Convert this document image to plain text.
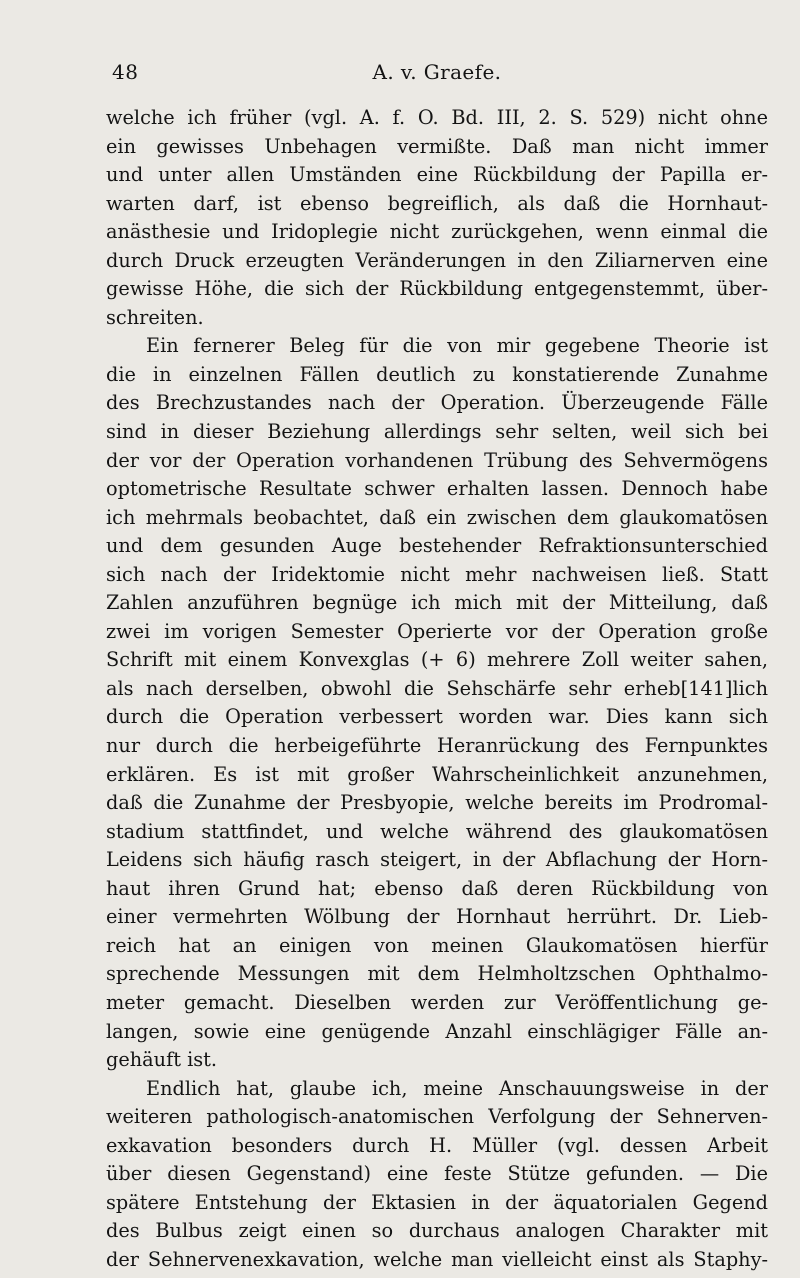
48	A. v. Graefe.
welche ich früher (vgl. A. f. O. Bd. III, 2. S. 529) nicht ohne
ein gewisses Unbehagen vermißte. Daß man nicht immer
und unter allen Umständen eine Rückbildung der Papilla er-
warten darf, ist ebenso begreiflich, als daß die Hornhaut-
anästhesie und Iridoplegie nicht zurückgehen, wenn einmal die
durch Druck erzeugten Veränderungen in den Ziliarnerven eine
gewisse Höhe, die sich der Rückbildung entgegenstemmt, über-
schreiten.
Ein fernerer Beleg für die von mir gegebene Theorie ist
die in einzelnen Fällen deutlich zu konstatierende Zunahme
des Brechzustandes nach der Operation. Überzeugende Fälle
sind in dieser Beziehung allerdings sehr selten, weil sich bei
der vor der Operation vorhandenen Trübung des Sehvermögens
optometrische Resultate schwer erhalten lassen. Dennoch habe
ich mehrmals beobachtet, daß ein zwischen dem glaukomatösen
und dem gesunden Auge bestehender Refraktionsunterschied
sich nach der Iridektomie nicht mehr nachweisen ließ. Statt
Zahlen anzuführen begnüge ich mich mit der Mitteilung, daß
zwei im vorigen Semester Operierte vor der Operation große
Schrift mit einem Konvexglas (+ 6) mehrere Zoll weiter sahen,
als nach derselben, obwohl die Sehschärfe sehr erheb[141]lich
durch die Operation verbessert worden war. Dies kann sich
nur durch die herbeigeführte Heranrückung des Fernpunktes
erklären. Es ist mit großer Wahrscheinlichkeit anzunehmen,
daß die Zunahme der Presbyopie, welche bereits im Prodromal-
stadium stattfindet, und welche während des glaukomatösen
Leidens sich häufig rasch steigert, in der Abflachung der Horn-
haut ihren Grund hat; ebenso daß deren Rückbildung von
einer vermehrten Wölbung der Hornhaut herrührt. Dr. Lieb-
reich hat an einigen von meinen Glaukomatösen hierfür
sprechende Messungen mit dem Helmholtzschen Ophthalmo-
meter gemacht. Dieselben werden zur Veröffentlichung ge-
langen, sowie eine genügende Anzahl einschlägiger Fälle an-
gehäuft ist.
Endlich hat, glaube ich, meine Anschauungsweise in der
weiteren pathologisch-anatomischen Verfolgung der Sehnerven-
exkavation besonders durch H. Müller (vgl. dessen Arbeit
über diesen Gegenstand) eine feste Stütze gefunden. — Die
spätere Entstehung der Ektasien in der äquatorialen Gegend
des Bulbus zeigt einen so durchaus analogen Charakter mit
der Sehnervenexkavation, welche man vielleicht einst als Staphy-
